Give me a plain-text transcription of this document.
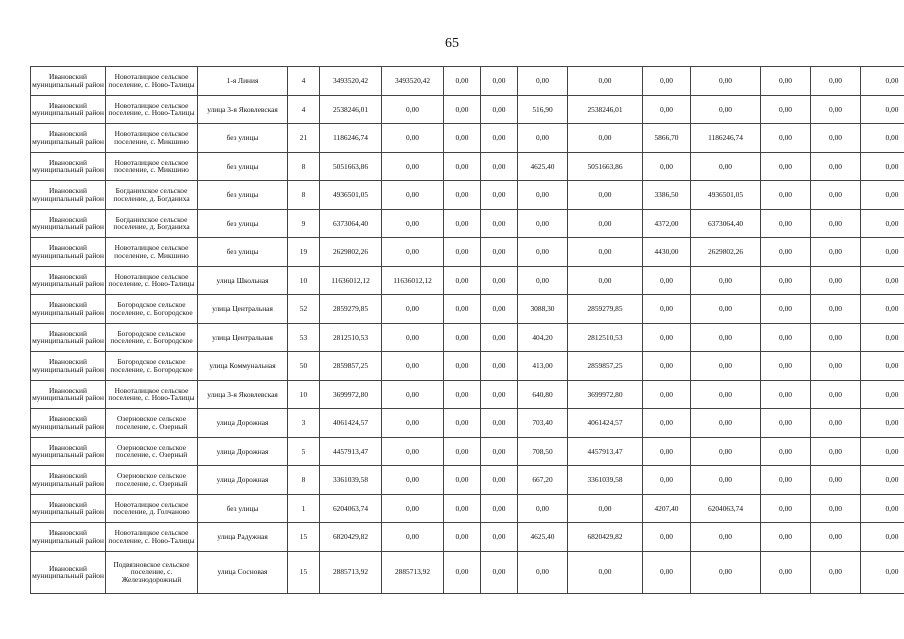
65
Ивановский муниципальный район	Новоталицкое сельское поселение, с. Ново-Талицы	1-я Линия	4	3493520,42	3493520,42	0,00	0,00	0,00	0,00	0,00	0,00	0,00	0,00	0,00
Ивановский муниципальный район	Новоталицкое сельское поселение, с. Ново-Талицы	улица 3-я Яковлевская	4	2538246,01	0,00	0,00	0,00	516,90	2538246,01	0,00	0,00	0,00	0,00	0,00
Ивановский муниципальный район	Новоталицкое сельское поселение, с. Микшино	без улицы	21	1186246,74	0,00	0,00	0,00	0,00	0,00	5866,70	1186246,74	0,00	0,00	0,00
Ивановский муниципальный район	Новоталицкое сельское поселение, с. Микшино	без улицы	8	5051663,86	0,00	0,00	0,00	4625,40	5051663,86	0,00	0,00	0,00	0,00	0,00
Ивановский муниципальный район	Богданихское сельское поселение, д. Богданиха	без улицы	8	4936501,05	0,00	0,00	0,00	0,00	0,00	3386,50	4936501,05	0,00	0,00	0,00
Ивановский муниципальный район	Богданихское сельское поселение, д. Богданиха	без улицы	9	6373064,40	0,00	0,00	0,00	0,00	0,00	4372,00	6373064,40	0,00	0,00	0,00
Ивановский муниципальный район	Новоталицкое сельское поселение, с. Микшино	без улицы	19	2629802,26	0,00	0,00	0,00	0,00	0,00	4430,00	2629802,26	0,00	0,00	0,00
Ивановский муниципальный район	Новоталицкое сельское поселение, с. Ново-Талицы	улица Школьная	10	11636012,12	11636012,12	0,00	0,00	0,00	0,00	0,00	0,00	0,00	0,00	0,00
Ивановский муниципальный район	Богородское сельское поселение, с. Богородское	улица Центральная	52	2859279,85	0,00	0,00	0,00	3088,30	2859279,85	0,00	0,00	0,00	0,00	0,00
Ивановский муниципальный район	Богородское сельское поселение, с. Богородское	улица Центральная	53	2812510,53	0,00	0,00	0,00	404,20	2812510,53	0,00	0,00	0,00	0,00	0,00
Ивановский муниципальный район	Богородское сельское поселение, с. Богородское	улица Коммунальная	50	2859857,25	0,00	0,00	0,00	413,00	2859857,25	0,00	0,00	0,00	0,00	0,00
Ивановский муниципальный район	Новоталицкое сельское поселение, с. Ново-Талицы	улица 3-я Яковлевская	10	3699972,80	0,00	0,00	0,00	640,80	3699972,80	0,00	0,00	0,00	0,00	0,00
Ивановский муниципальный район	Озерновское сельское поселение, с. Озерный	улица Дорожная	3	4061424,57	0,00	0,00	0,00	703,40	4061424,57	0,00	0,00	0,00	0,00	0,00
Ивановский муниципальный район	Озерновское сельское поселение, с. Озерный	улица Дорожная	5	4457913,47	0,00	0,00	0,00	708,50	4457913,47	0,00	0,00	0,00	0,00	0,00
Ивановский муниципальный район	Озерновское сельское поселение, с. Озерный	улица Дорожная	8	3361039,58	0,00	0,00	0,00	667,20	3361039,58	0,00	0,00	0,00	0,00	0,00
Ивановский муниципальный район	Новоталицкое сельское поселение, д. Голчаново	без улицы	1	6204063,74	0,00	0,00	0,00	0,00	0,00	4207,40	6204063,74	0,00	0,00	0,00
Ивановский муниципальный район	Новоталицкое сельское поселение, с. Ново-Талицы	улица Радужная	15	6820429,82	0,00	0,00	0,00	4625,40	6820429,82	0,00	0,00	0,00	0,00	0,00
Ивановский муниципальный район	Подвязновское сельское поселение, с. Железнодорожный	улица Сосновая	15	2885713,92	2885713,92	0,00	0,00	0,00	0,00	0,00	0,00	0,00	0,00	0,00
